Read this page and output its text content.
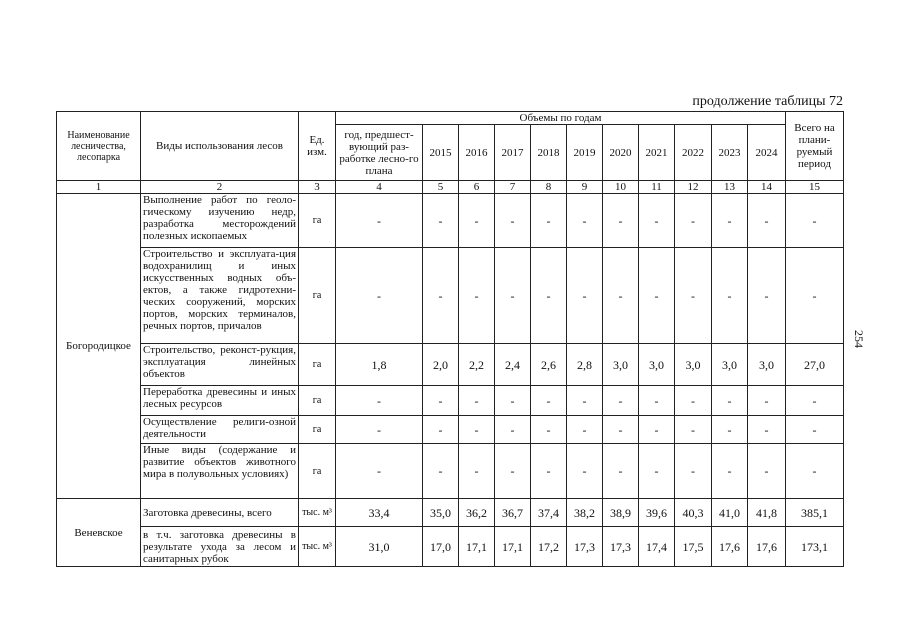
продолжение таблицы 72
254
Наименование лесничества, лесопарка	Виды использования лесов	Ед. изм.	Объемы по годам											Всего на плани-руемый период
			год, предшест-вующий раз-работке лесно-го плана	2015	2016	2017	2018	2019	2020	2021	2022	2023	2024	
1	2	3	4	5	6	7	8	9	10	11	12	13	14	15
Богородицкое	Выполнение работ по геоло-гическому изучению недр, разработка месторождений полезных ископаемых	га	-	-	-	-	-	-	-	-	-	-	-	-
	Строительство и эксплуата-ция водохранилищ и иных искусственных водных объ-ектов, а также гидротехни-ческих сооружений, морских портов, морских терминалов, речных портов, причалов	га	-	-	-	-	-	-	-	-	-	-	-	-
	Строительство, реконст-рукция, эксплуатация линейных объектов	га	1,8	2,0	2,2	2,4	2,6	2,8	3,0	3,0	3,0	3,0	3,0	27,0
	Переработка древесины и иных лесных ресурсов	га	-	-	-	-	-	-	-	-	-	-	-	-
	Осуществление религи-озной деятельности	га	-	-	-	-	-	-	-	-	-	-	-	-
	Иные виды (содержание и развитие объектов животного мира в полувольных условиях)	га	-	-	-	-	-	-	-	-	-	-	-	-
Веневское	Заготовка древесины, всего	тыс. м³	33,4	35,0	36,2	36,7	37,4	38,2	38,9	39,6	40,3	41,0	41,8	385,1
	в т.ч. заготовка древесины в результате ухода за лесом и санитарных рубок	тыс. м³	31,0	17,0	17,1	17,1	17,2	17,3	17,3	17,4	17,5	17,6	17,6	173,1
